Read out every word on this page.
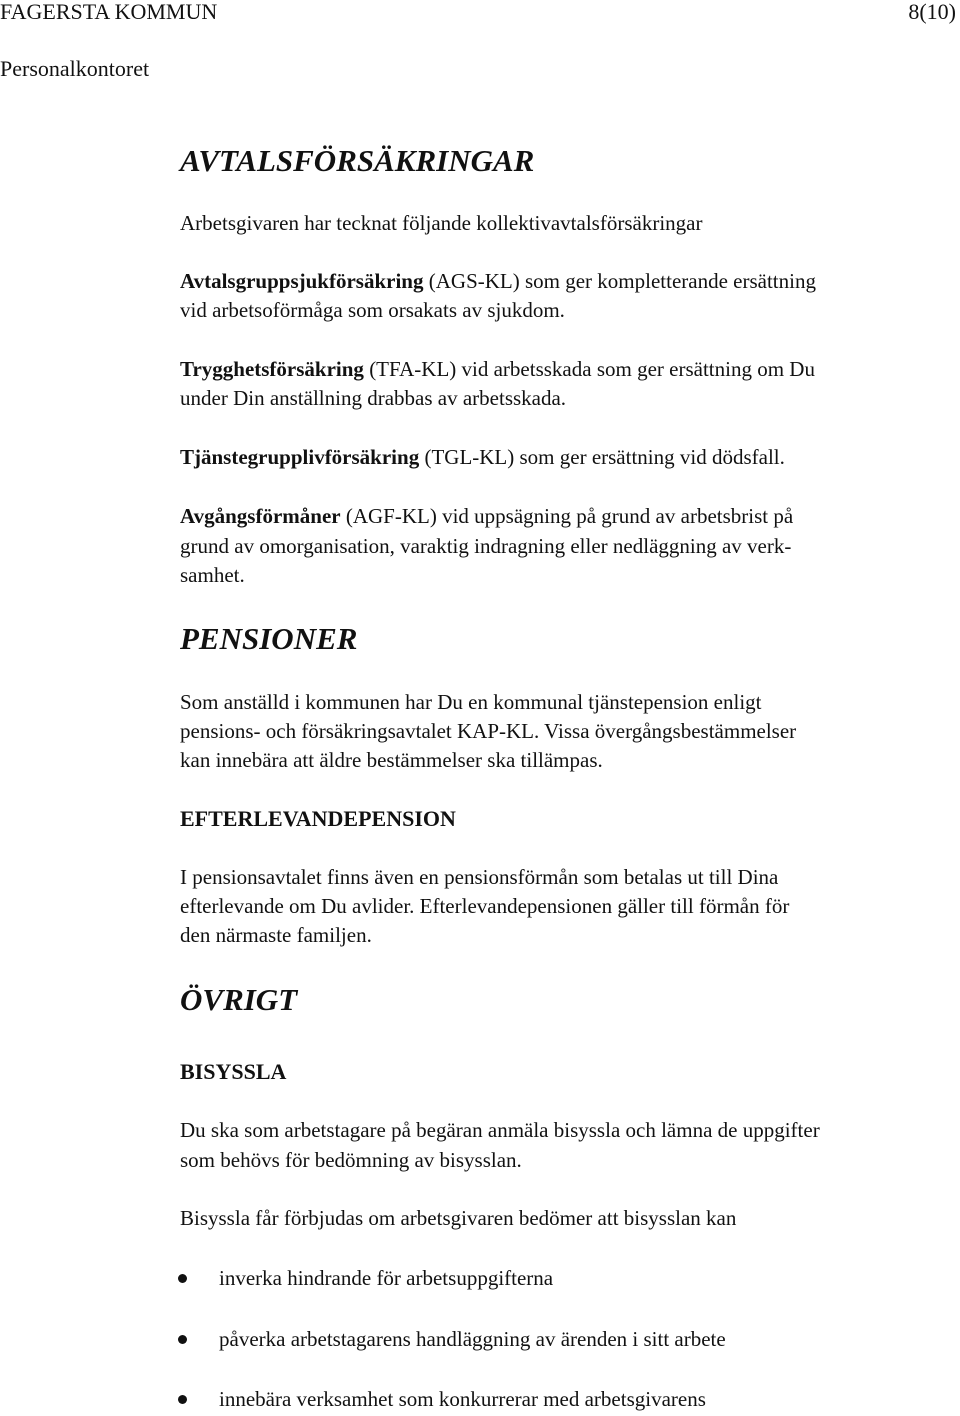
FAGERSTA KOMMUN	8(10)
Personalkontoret
AVTALSFÖRSÄKRINGAR
Arbetsgivaren har tecknat följande kollektivavtalsförsäkringar
Avtalsgruppsjukförsäkring (AGS-KL) som ger kompletterande ersättning
vid arbetsoförmåga som orsakats av sjukdom.
Trygghetsförsäkring (TFA-KL) vid arbetsskada som ger ersättning om Du
under Din anställning drabbas av arbetsskada.
Tjänstegrupplivförsäkring (TGL-KL) som ger ersättning vid dödsfall.
Avgångsförmåner (AGF-KL) vid uppsägning på grund av arbetsbrist på
grund av omorganisation, varaktig indragning eller nedläggning av verk-
samhet.
PENSIONER
Som anställd i kommunen har Du en kommunal tjänstepension enligt
pensions- och försäkringsavtalet KAP-KL. Vissa övergångsbestämmelser
kan innebära att äldre bestämmelser ska tillämpas.
EFTERLEVANDEPENSION
I pensionsavtalet finns även en pensionsförmån som betalas ut till Dina
efterlevande om Du avlider. Efterlevandepensionen gäller till förmån för
den närmaste familjen.
ÖVRIGT
BISYSSLA
Du ska som arbetstagare på begäran anmäla bisyssla och lämna de uppgifter
som behövs för bedömning av bisysslan.
Bisyssla får förbjudas om arbetsgivaren bedömer att bisysslan kan
inverka hindrande för arbetsuppgifterna
påverka arbetstagarens handläggning av ärenden i sitt arbete
innebära verksamhet som konkurrerar med arbetsgivarens
